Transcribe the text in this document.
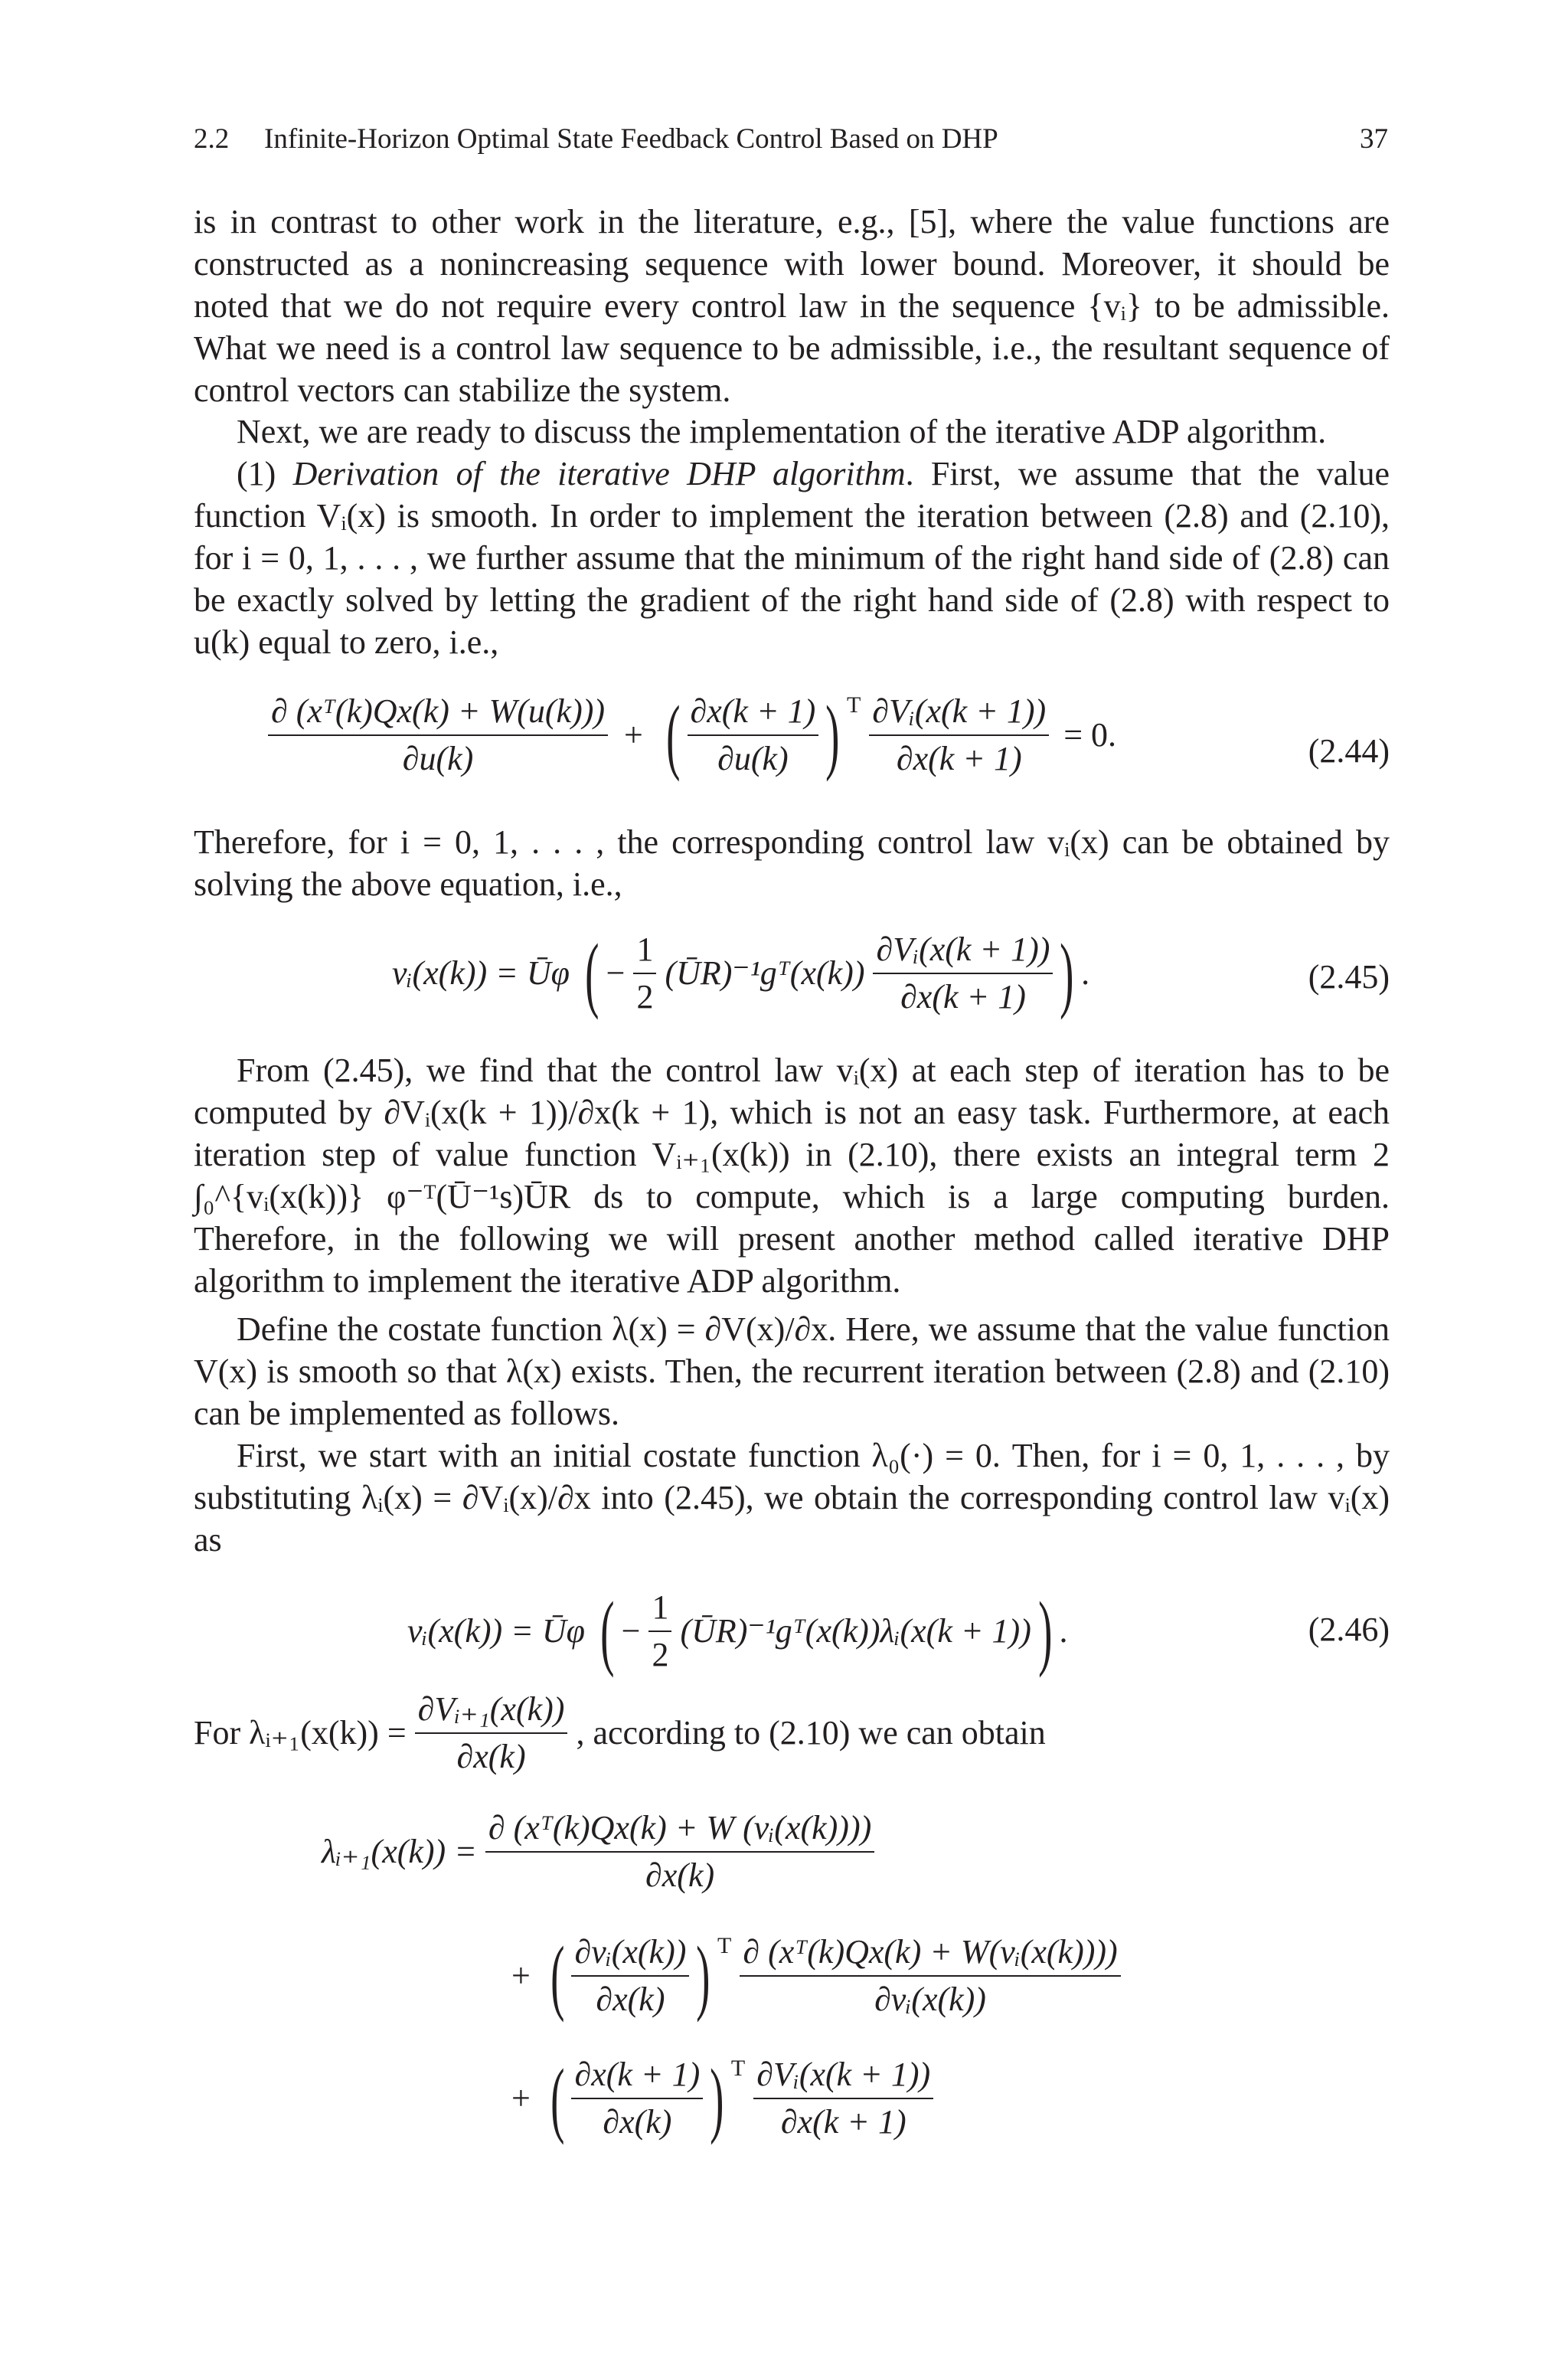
2.2 Infinite-Horizon Optimal State Feedback Control Based on DHP	37

is in contrast to other work in the literature, e.g., [5], where the value functions are constructed as a nonincreasing sequence with lower bound. Moreover, it should be noted that we do not require every control law in the sequence {vᵢ} to be admissible. What we need is a control law sequence to be admissible, i.e., the resultant sequence of control vectors can stabilize the system.

Next, we are ready to discuss the implementation of the iterative ADP algorithm.

(1) Derivation of the iterative DHP algorithm. First, we assume that the value function Vᵢ(x) is smooth. In order to implement the iteration between (2.8) and (2.10), for i = 0, 1, . . . , we further assume that the minimum of the right hand side of (2.8) can be exactly solved by letting the gradient of the right hand side of (2.8) with respect to u(k) equal to zero, i.e.,

$\frac{\text{∂ (xᵀ(k)Qx(k) + W(u(k)))}}{\partial u(k)}$ + ( $\frac{\partial x(k + 1)}{\partial u(k)}$ ) $^T \frac{\text{∂Vᵢ(x(k + 1))}}{\partial x(k + 1)} = 0$.	(2.44)

Therefore, for i = 0, 1, . . . , the corresponding control law vᵢ(x) can be obtained by solving the above equation, i.e.,

vᵢ(x(k)) = Ūφ ( − $\frac{1}{2}$ (ŪR)⁻¹gᵀ(x(k)) $\frac{\text{∂Vᵢ(x(k + 1))}}{\partial x(k + 1)}$ ) .	(2.45)

From (2.45), we find that the control law vᵢ(x) at each step of iteration has to be computed by ∂Vᵢ(x(k + 1))/∂x(k + 1), which is not an easy task. Furthermore, at each iteration step of value function Vᵢ₊₁(x(k)) in (2.10), there exists an integral term 2 ∫₀^{vᵢ(x(k))} φ⁻ᵀ(Ū⁻¹s)ŪR ds to compute, which is a large computing burden. Therefore, in the following we will present another method called iterative DHP algorithm to implement the iterative ADP algorithm.

Define the costate function λ(x) = ∂V(x)/∂x. Here, we assume that the value function V(x) is smooth so that λ(x) exists. Then, the recurrent iteration between (2.8) and (2.10) can be implemented as follows.

First, we start with an initial costate function λ₀(·) = 0. Then, for i = 0, 1, . . . , by substituting λᵢ(x) = ∂Vᵢ(x)/∂x into (2.45), we obtain the corresponding control law vᵢ(x) as

vᵢ(x(k)) = Ūφ ( − $\frac{1}{2}$ (ŪR)⁻¹gᵀ(x(k))λᵢ(x(k + 1))) .	(2.46)
For λᵢ₊₁(x(k)) = $\frac{\text{∂Vᵢ₊₁(x(k))}}{\partial x(k)}$ , according to (2.10) we can obtain
λᵢ₊₁(x(k)) = $\frac{\text{∂ (xᵀ(k)Qx(k) + W (vᵢ(x(k))))}}{\partial x(k)}$
+ ( $\frac{\text{∂vᵢ(x(k))}}{\partial x(k)}$ ) $^T \frac{\text{∂ (xᵀ(k)Qx(k) + W(vᵢ(x(k))))}}{\text{∂vᵢ(x(k))}}$
+ ( $\frac{\partial x(k + 1)}{\partial x(k)}$ ) $^T \frac{\text{∂Vᵢ(x(k + 1))}}{\partial x(k + 1)}$
